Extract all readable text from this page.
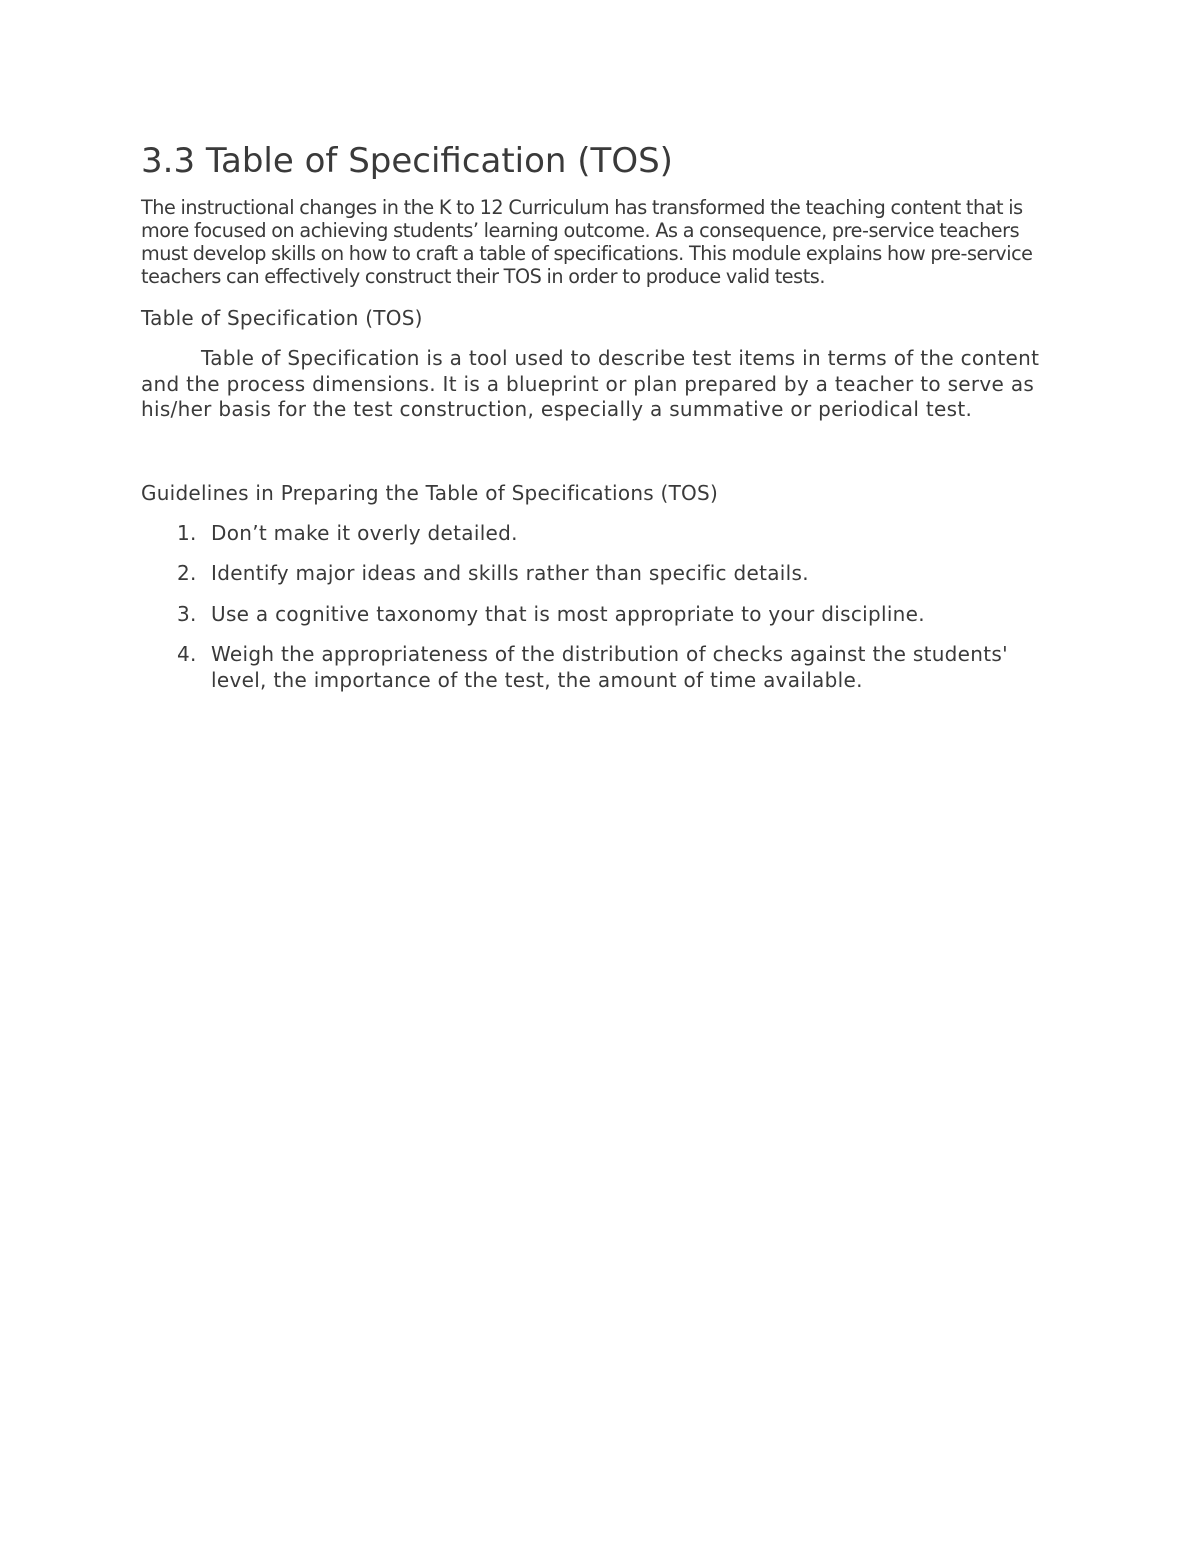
3.3 Table of Specification (TOS)

The instructional changes in the K to 12 Curriculum has transformed the teaching content that is more focused on achieving students’ learning outcome. As a consequence, pre-service teachers must develop skills on how to craft a table of specifications. This module explains how pre-service teachers can effectively construct their TOS in order to produce valid tests.

Table of Specification (TOS)

Table of Specification is a tool used to describe test items in terms of the content and the process dimensions. It is a blueprint or plan prepared by a teacher to serve as his/her basis for the test construction, especially a summative or periodical test.

Guidelines in Preparing the Table of Specifications (TOS)

1. Don’t make it overly detailed.
2. Identify major ideas and skills rather than specific details.
3. Use a cognitive taxonomy that is most appropriate to your discipline.
4. Weigh the appropriateness of the distribution of checks against the students' level, the importance of the test, the amount of time available.
